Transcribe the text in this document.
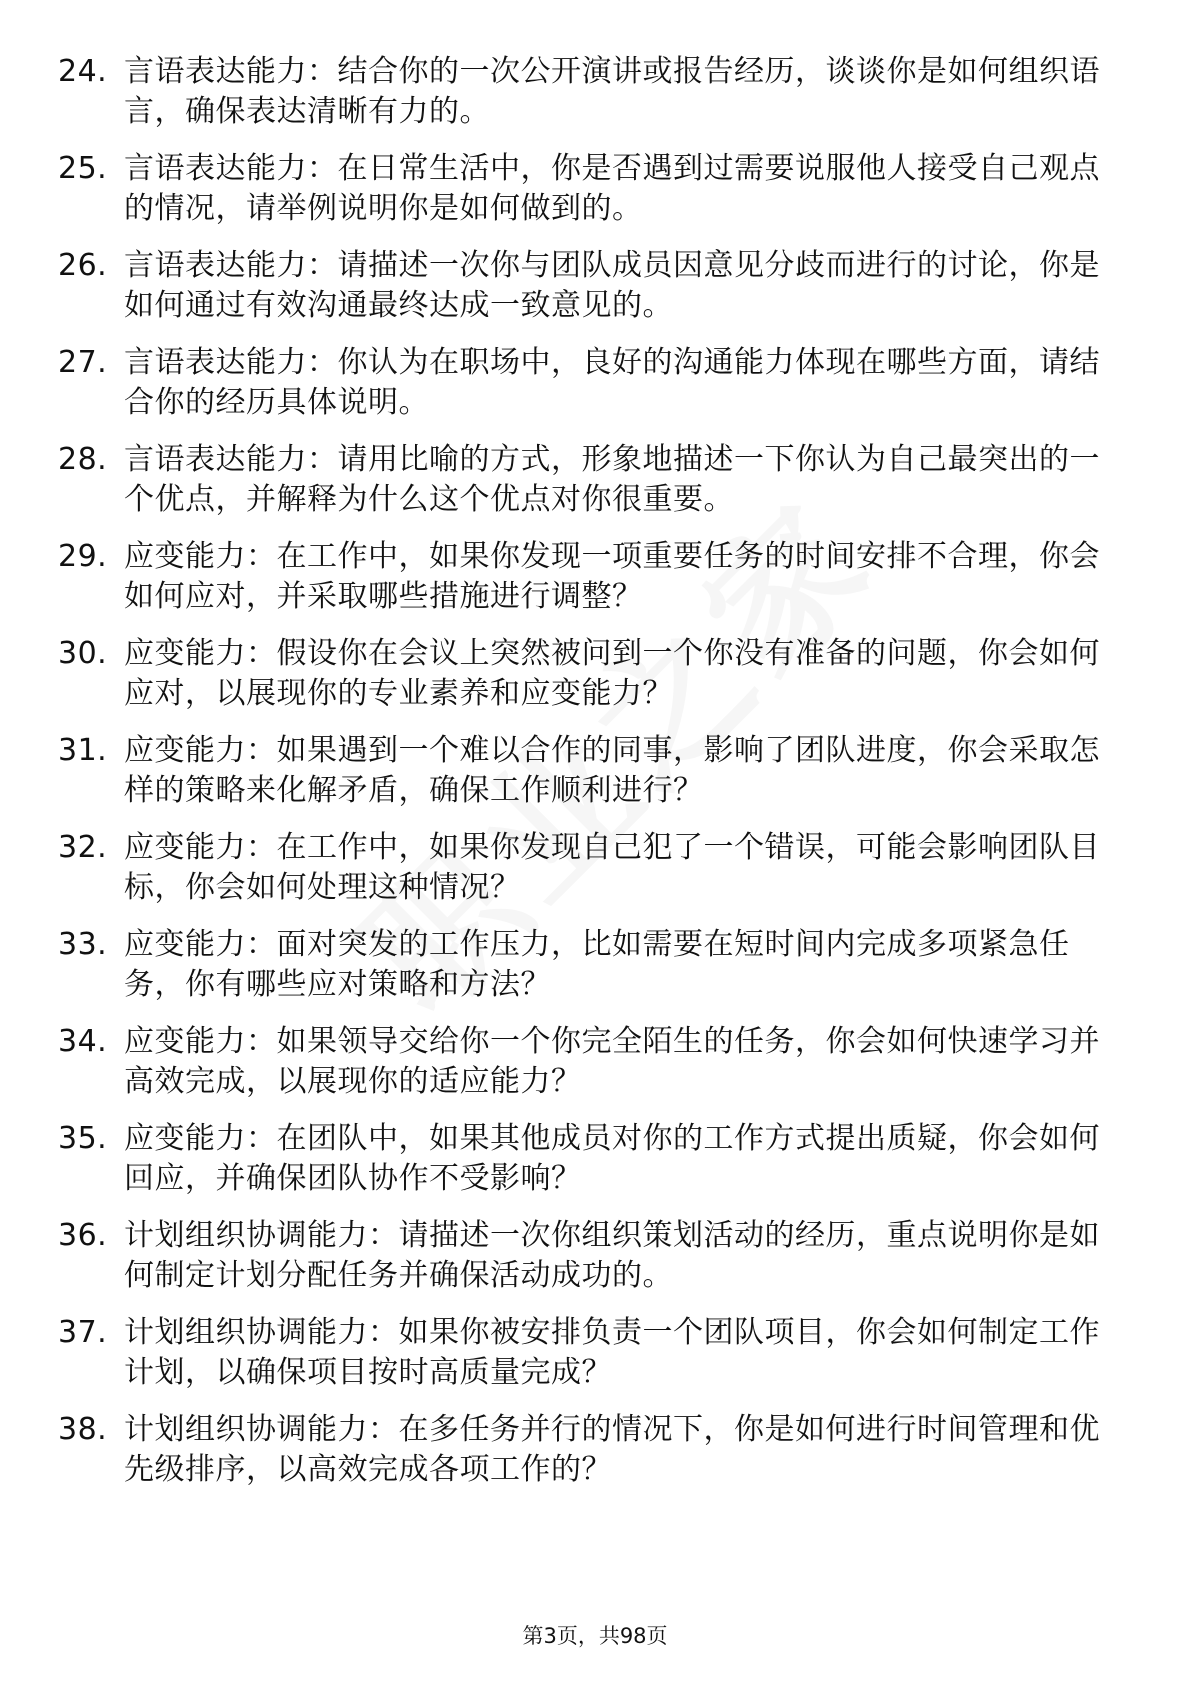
24. 言语表达能力：结合你的一次公开演讲或报告经历，谈谈你是如何组织语言，确保表达清晰有力的。
25. 言语表达能力：在日常生活中，你是否遇到过需要说服他人接受自己观点的情况，请举例说明你是如何做到的。
26. 言语表达能力：请描述一次你与团队成员因意见分歧而进行的讨论，你是如何通过有效沟通最终达成一致意见的。
27. 言语表达能力：你认为在职场中，良好的沟通能力体现在哪些方面，请结合你的经历具体说明。
28. 言语表达能力：请用比喻的方式，形象地描述一下你认为自己最突出的一个优点，并解释为什么这个优点对你很重要。
29. 应变能力：在工作中，如果你发现一项重要任务的时间安排不合理，你会如何应对，并采取哪些措施进行调整？
30. 应变能力：假设你在会议上突然被问到一个你没有准备的问题，你会如何应对，以展现你的专业素养和应变能力？
31. 应变能力：如果遇到一个难以合作的同事，影响了团队进度，你会采取怎样的策略来化解矛盾，确保工作顺利进行？
32. 应变能力：在工作中，如果你发现自己犯了一个错误，可能会影响团队目标，你会如何处理这种情况？
33. 应变能力：面对突发的工作压力，比如需要在短时间内完成多项紧急任务，你有哪些应对策略和方法？
34. 应变能力：如果领导交给你一个你完全陌生的任务，你会如何快速学习并高效完成，以展现你的适应能力？
35. 应变能力：在团队中，如果其他成员对你的工作方式提出质疑，你会如何回应，并确保团队协作不受影响？
36. 计划组织协调能力：请描述一次你组织策划活动的经历，重点说明你是如何制定计划分配任务并确保活动成功的。
37. 计划组织协调能力：如果你被安排负责一个团队项目，你会如何制定工作计划，以确保项目按时高质量完成？
38. 计划组织协调能力：在多任务并行的情况下，你是如何进行时间管理和优先级排序，以高效完成各项工作的？
第3页，共98页
